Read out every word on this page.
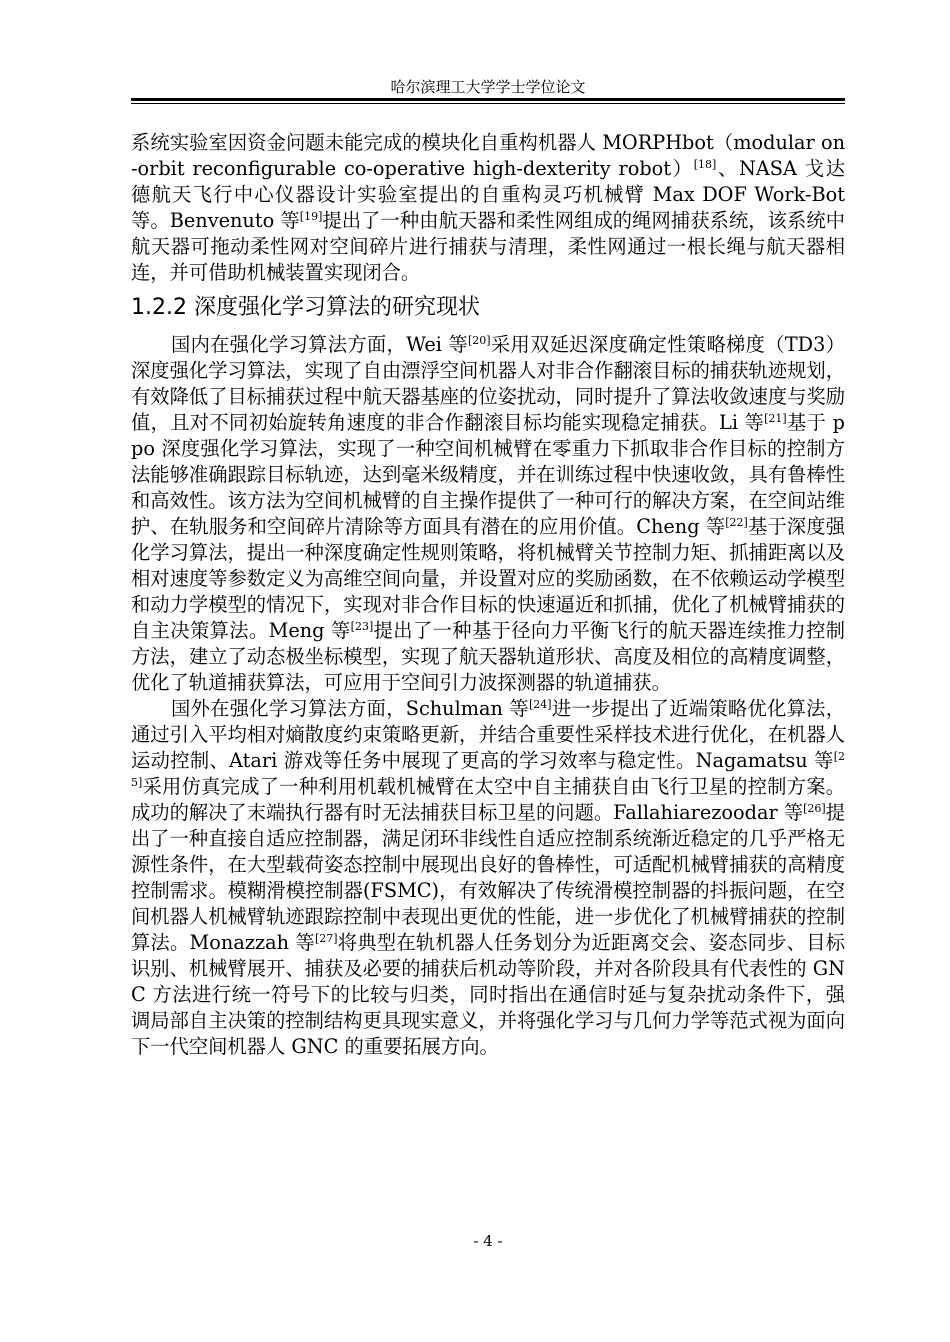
哈尔滨理工大学学士学位论文

系统实验室因资金问题未能完成的模块化自重构机器人 MORPHbot（modular on-orbit reconfigurable co-operative high-dexterity robot）[18]、NASA 戈达德航天飞行中心仪器设计实验室提出的自重构灵巧机械臂 Max DOF Work-Bot 等。Benvenuto 等[19]提出了一种由航天器和柔性网组成的绳网捕获系统，该系统中航天器可拖动柔性网对空间碎片进行捕获与清理，柔性网通过一根长绳与航天器相连，并可借助机械装置实现闭合。

1.2.2 深度强化学习算法的研究现状

国内在强化学习算法方面，Wei 等[20]采用双延迟深度确定性策略梯度（TD3）深度强化学习算法，实现了自由漂浮空间机器人对非合作翻滚目标的捕获轨迹规划，有效降低了目标捕获过程中航天器基座的位姿扰动，同时提升了算法收敛速度与奖励值，且对不同初始旋转角速度的非合作翻滚目标均能实现稳定捕获。Li 等[21]基于 ppo 深度强化学习算法，实现了一种空间机械臂在零重力下抓取非合作目标的控制方法能够准确跟踪目标轨迹，达到毫米级精度，并在训练过程中快速收敛，具有鲁棒性和高效性。该方法为空间机械臂的自主操作提供了一种可行的解决方案，在空间站维护、在轨服务和空间碎片清除等方面具有潜在的应用价值。Cheng 等[22]基于深度强化学习算法，提出一种深度确定性规则策略，将机械臂关节控制力矩、抓捕距离以及相对速度等参数定义为高维空间向量，并设置对应的奖励函数，在不依赖运动学模型和动力学模型的情况下，实现对非合作目标的快速逼近和抓捕，优化了机械臂捕获的自主决策算法。Meng 等[23]提出了一种基于径向力平衡飞行的航天器连续推力控制方法，建立了动态极坐标模型，实现了航天器轨道形状、高度及相位的高精度调整，优化了轨道捕获算法，可应用于空间引力波探测器的轨道捕获。

国外在强化学习算法方面，Schulman 等[24]进一步提出了近端策略优化算法，通过引入平均相对熵散度约束策略更新，并结合重要性采样技术进行优化，在机器人运动控制、Atari 游戏等任务中展现了更高的学习效率与稳定性。Nagamatsu 等[25]采用仿真完成了一种利用机载机械臂在太空中自主捕获自由飞行卫星的控制方案。成功的解决了末端执行器有时无法捕获目标卫星的问题。Fallahiarezoodar 等[26]提出了一种直接自适应控制器，满足闭环非线性自适应控制系统渐近稳定的几乎严格无源性条件，在大型载荷姿态控制中展现出良好的鲁棒性，可适配机械臂捕获的高精度控制需求。模糊滑模控制器(FSMC)，有效解决了传统滑模控制器的抖振问题，在空间机器人机械臂轨迹跟踪控制中表现出更优的性能，进一步优化了机械臂捕获的控制算法。Monazzah 等[27]将典型在轨机器人任务划分为近距离交会、姿态同步、目标识别、机械臂展开、捕获及必要的捕获后机动等阶段，并对各阶段具有代表性的 GNC 方法进行统一符号下的比较与归类，同时指出在通信时延与复杂扰动条件下，强调局部自主决策的控制结构更具现实意义，并将强化学习与几何力学等范式视为面向下一代空间机器人 GNC 的重要拓展方向。

- 4 -
